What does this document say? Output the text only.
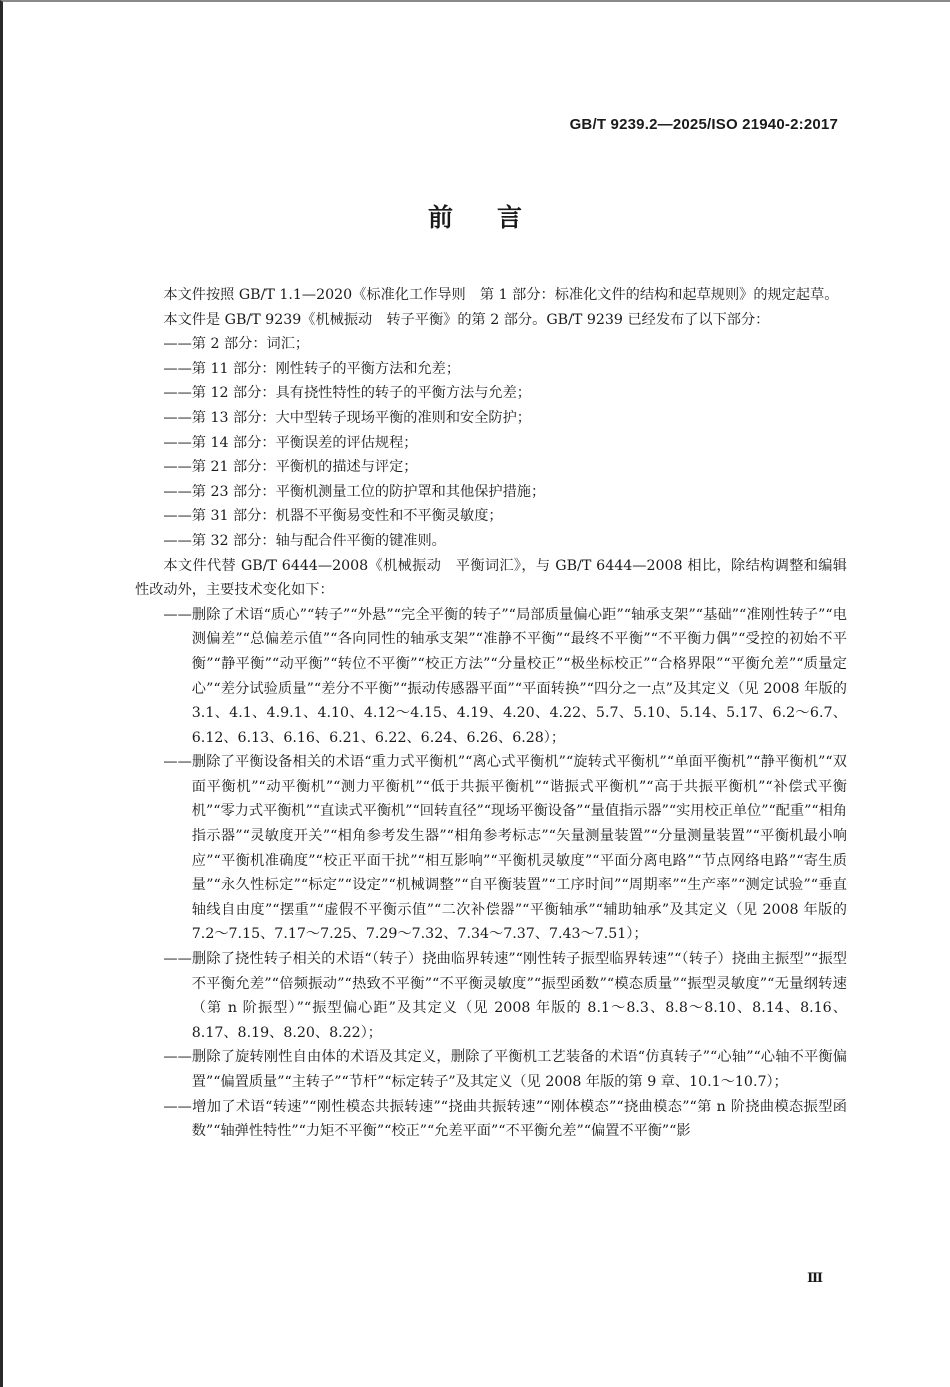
GB/T 9239.2—2025/ISO 21940-2:2017
前 言

本文件按照 GB/T 1.1—2020《标准化工作导则　第 1 部分：标准化文件的结构和起草规则》的规定起草。

本文件是 GB/T 9239《机械振动　转子平衡》的第 2 部分。GB/T 9239 已经发布了以下部分：

——第 2 部分：词汇；

——第 11 部分：刚性转子的平衡方法和允差；

——第 12 部分：具有挠性特性的转子的平衡方法与允差；

——第 13 部分：大中型转子现场平衡的准则和安全防护；

——第 14 部分：平衡误差的评估规程；

——第 21 部分：平衡机的描述与评定；

——第 23 部分：平衡机测量工位的防护罩和其他保护措施；

——第 31 部分：机器不平衡易变性和不平衡灵敏度；

——第 32 部分：轴与配合件平衡的键准则。

本文件代替 GB/T 6444—2008《机械振动　平衡词汇》，与 GB/T 6444—2008 相比，除结构调整和编辑性改动外，主要技术变化如下：

——删除了术语“质心”“转子”“外悬”“完全平衡的转子”“局部质量偏心距”“轴承支架”“基础”“准刚性转子”“电测偏差”“总偏差示值”“各向同性的轴承支架”“准静不平衡”“最终不平衡”“不平衡力偶”“受控的初始不平衡”“静平衡”“动平衡”“转位不平衡”“校正方法”“分量校正”“极坐标校正”“合格界限”“平衡允差”“质量定心”“差分试验质量”“差分不平衡”“振动传感器平面”“平面转换”“四分之一点”及其定义（见 2008 年版的 3.1、4.1、4.9.1、4.10、4.12～4.15、4.19、4.20、4.22、5.7、5.10、5.14、5.17、6.2～6.7、6.12、6.13、6.16、6.21、6.22、6.24、6.26、6.28）；

——删除了平衡设备相关的术语“重力式平衡机”“离心式平衡机”“旋转式平衡机”“单面平衡机”“静平衡机”“双面平衡机”“动平衡机”“测力平衡机”“低于共振平衡机”“谐振式平衡机”“高于共振平衡机”“补偿式平衡机”“零力式平衡机”“直读式平衡机”“回转直径”“现场平衡设备”“量值指示器”“实用校正单位”“配重”“相角指示器”“灵敏度开关”“相角参考发生器”“相角参考标志”“矢量测量装置”“分量测量装置”“平衡机最小响应”“平衡机准确度”“校正平面干扰”“相互影响”“平衡机灵敏度”“平面分离电路”“节点网络电路”“寄生质量”“永久性标定”“标定”“设定”“机械调整”“自平衡装置”“工序时间”“周期率”“生产率”“测定试验”“垂直轴线自由度”“摆重”“虚假不平衡示值”“二次补偿器”“平衡轴承”“辅助轴承”及其定义（见 2008 年版的 7.2～7.15、7.17～7.25、7.29～7.32、7.34～7.37、7.43～7.51）；

——删除了挠性转子相关的术语“（转子）挠曲临界转速”“刚性转子振型临界转速”“（转子）挠曲主振型”“振型不平衡允差”“倍频振动”“热致不平衡”“不平衡灵敏度”“振型函数”“模态质量”“振型灵敏度”“无量纲转速（第 n 阶振型）”“振型偏心距”及其定义（见 2008 年版的 8.1～8.3、8.8～8.10、8.14、8.16、8.17、8.19、8.20、8.22）；

——删除了旋转刚性自由体的术语及其定义，删除了平衡机工艺装备的术语“仿真转子”“心轴”“心轴不平衡偏置”“偏置质量”“主转子”“节杆”“标定转子”及其定义（见 2008 年版的第 9 章、10.1～10.7）；

——增加了术语“转速”“刚性模态共振转速”“挠曲共振转速”“刚体模态”“挠曲模态”“第 n 阶挠曲模态振型函数”“轴弹性特性”“力矩不平衡”“校正”“允差平面”“不平衡允差”“偏置不平衡”“影

Ⅲ
